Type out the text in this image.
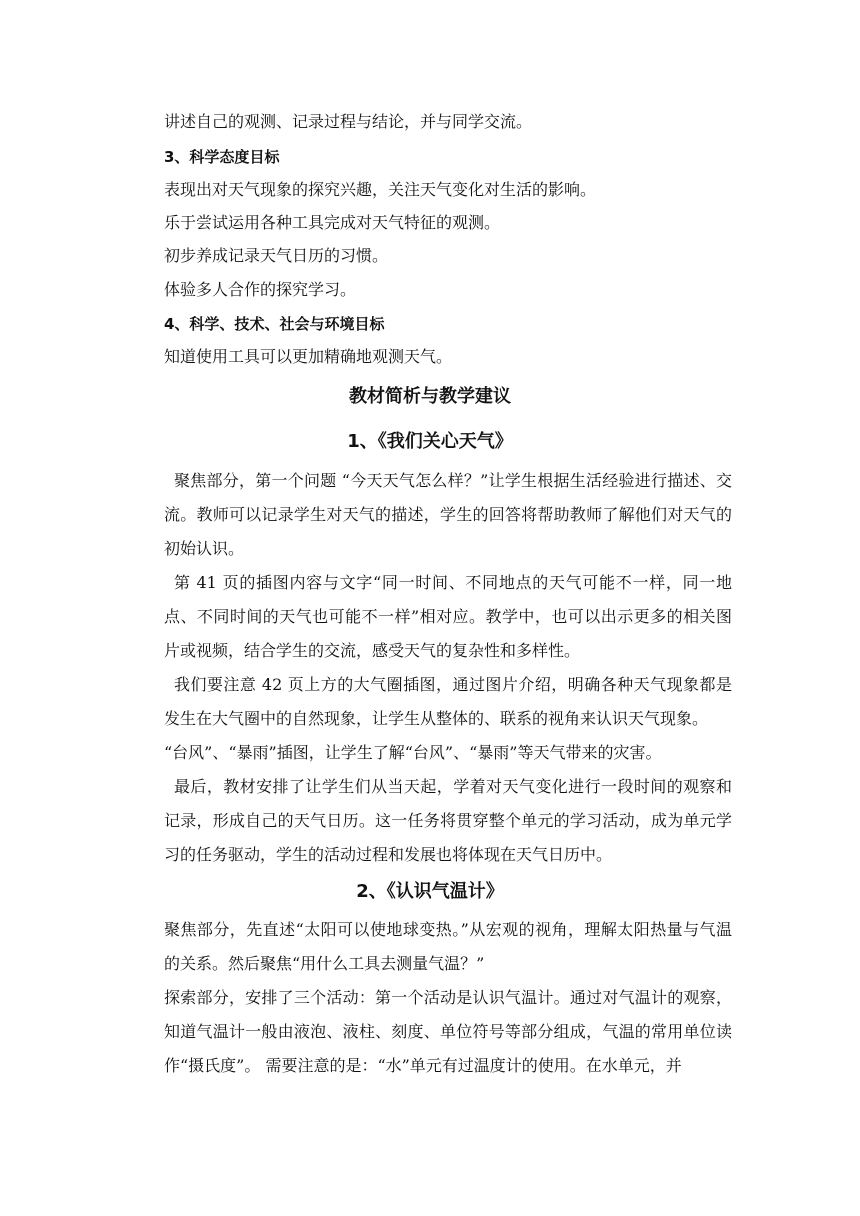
讲述自己的观测、记录过程与结论，并与同学交流。

3、科学态度目标

表现出对天气现象的探究兴趣，关注天气变化对生活的影响。

乐于尝试运用各种工具完成对天气特征的观测。

初步养成记录天气日历的习惯。

体验多人合作的探究学习。

4、科学、技术、社会与环境目标

知道使用工具可以更加精确地观测天气。

教材简析与教学建议
1、《我们关心天气》

聚焦部分，第一个问题 “今天天气怎么样？”让学生根据生活经验进行描述、交流。教师可以记录学生对天气的描述，学生的回答将帮助教师了解他们对天气的初始认识。

第 41 页的插图内容与文字“同一时间、不同地点的天气可能不一样，同一地点、不同时间的天气也可能不一样”相对应。教学中，也可以出示更多的相关图片或视频，结合学生的交流，感受天气的复杂性和多样性。

我们要注意 42 页上方的大气圈插图，通过图片介绍，明确各种天气现象都是发生在大气圈中的自然现象，让学生从整体的、联系的视角来认识天气现象。

“台风”、“暴雨”插图，让学生了解“台风”、“暴雨”等天气带来的灾害。

最后，教材安排了让学生们从当天起，学着对天气变化进行一段时间的观察和记录，形成自己的天气日历。这一任务将贯穿整个单元的学习活动，成为单元学习的任务驱动，学生的活动过程和发展也将体现在天气日历中。

2、《认识气温计》

聚焦部分，先直述“太阳可以使地球变热。”从宏观的视角，理解太阳热量与气温的关系。然后聚焦“用什么工具去测量气温？”

探索部分，安排了三个活动：第一个活动是认识气温计。通过对气温计的观察，知道气温计一般由液泡、液柱、刻度、单位符号等部分组成，气温的常用单位读作“摄氏度”。 需要注意的是：“水”单元有过温度计的使用。在水单元，并
